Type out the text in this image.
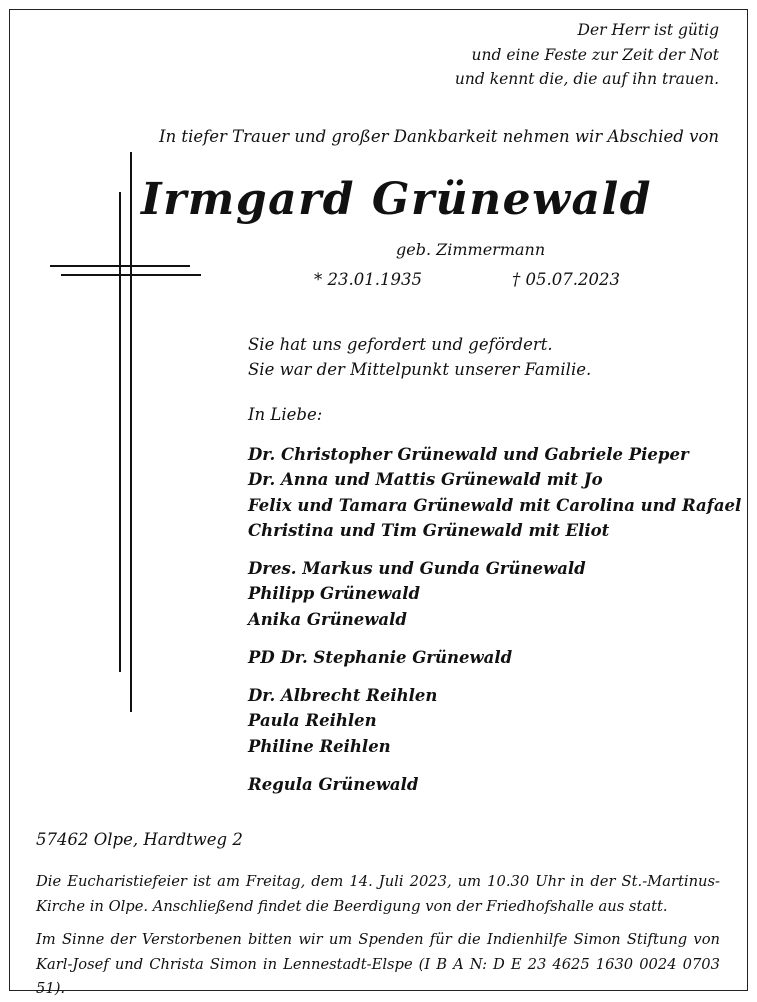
Der Herr ist gütig
und eine Feste zur Zeit der Not
und kennt die, die auf ihn trauen.
In tiefer Trauer und großer Dankbarkeit nehmen wir Abschied von
Irmgard Grünewald
geb. Zimmermann
* 23.01.1935	† 05.07.2023
Sie hat uns gefordert und gefördert.
Sie war der Mittelpunkt unserer Familie.
In Liebe:
Dr. Christopher Grünewald und Gabriele Pieper
Dr. Anna und Mattis Grünewald mit Jo
Felix und Tamara Grünewald mit Carolina und Rafael
Christina und Tim Grünewald mit Eliot
Dres. Markus und Gunda Grünewald
Philipp Grünewald
Anika Grünewald
PD Dr. Stephanie Grünewald
Dr. Albrecht Reihlen
Paula Reihlen
Philine Reihlen
Regula Grünewald
57462 Olpe, Hardtweg 2
Die Eucharistiefeier ist am Freitag, dem 14. Juli 2023, um 10.30 Uhr in der St.-Martinus-Kirche in Olpe. Anschließend findet die Beerdigung von der Friedhofshalle aus statt.
Im Sinne der Verstorbenen bitten wir um Spenden für die Indienhilfe Simon Stiftung von Karl-Josef und Christa Simon in Lennestadt-Elspe (I B A N: D E 23 4625 1630 0024 0703 51).
